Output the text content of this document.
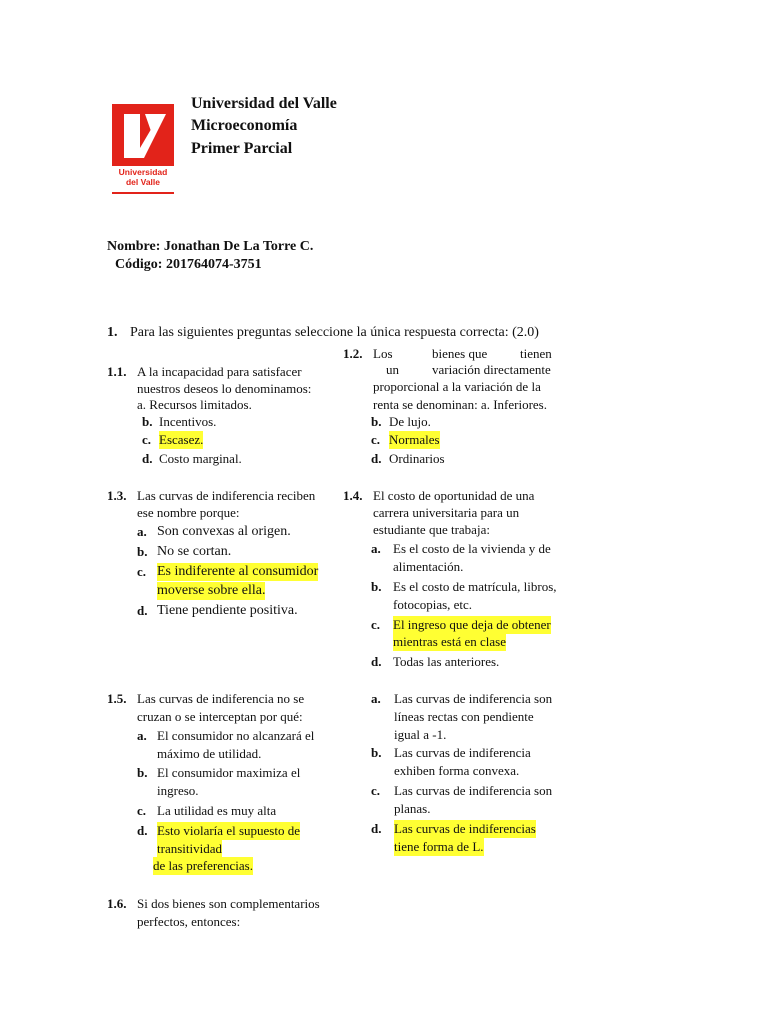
Universidad
del Valle
Universidad del Valle
Microeconomía
Primer Parcial
Nombre: Jonathan De La Torre C.
Código: 201764074-3751
1. Para las siguientes preguntas seleccione la única respuesta correcta: (2.0)
1.1. A la incapacidad para satisfacer
nuestros deseos lo denominamos:
a. Recursos limitados.
b. Incentivos.
c. Escasez.
d. Costo marginal.
1.2. Los	bienes que	tienen
un	variación directamente
proporcional a la variación de la
renta se denominan: a. Inferiores.
b. De lujo.
c. Normales
d. Ordinarios
1.3. Las curvas de indiferencia reciben
ese nombre porque:
a. Son convexas al origen.
b. No se cortan.
c. Es indiferente al consumidor
moverse sobre ella.
d. Tiene pendiente positiva.
1.4. El costo de oportunidad de una
carrera universitaria para un
estudiante que trabaja:
a. Es el costo de la vivienda y de
alimentación.
b. Es el costo de matrícula, libros,
fotocopias, etc.
c. El ingreso que deja de obtener
mientras está en clase
d. Todas las anteriores.
1.5. Las curvas de indiferencia no se
cruzan o se interceptan por qué:
a. El consumidor no alcanzará el
máximo de utilidad.
b. El consumidor maximiza el
ingreso.
c. La utilidad es muy alta
d. Esto violaría el supuesto de
transitividad
de las preferencias.
a. Las curvas de indiferencia son
líneas rectas con pendiente
igual a -1.
b. Las curvas de indiferencia
exhiben forma convexa.
c. Las curvas de indiferencia son
planas.
d. Las curvas de indiferencias
tiene forma de L.
1.6. Si dos bienes son complementarios
perfectos, entonces:
